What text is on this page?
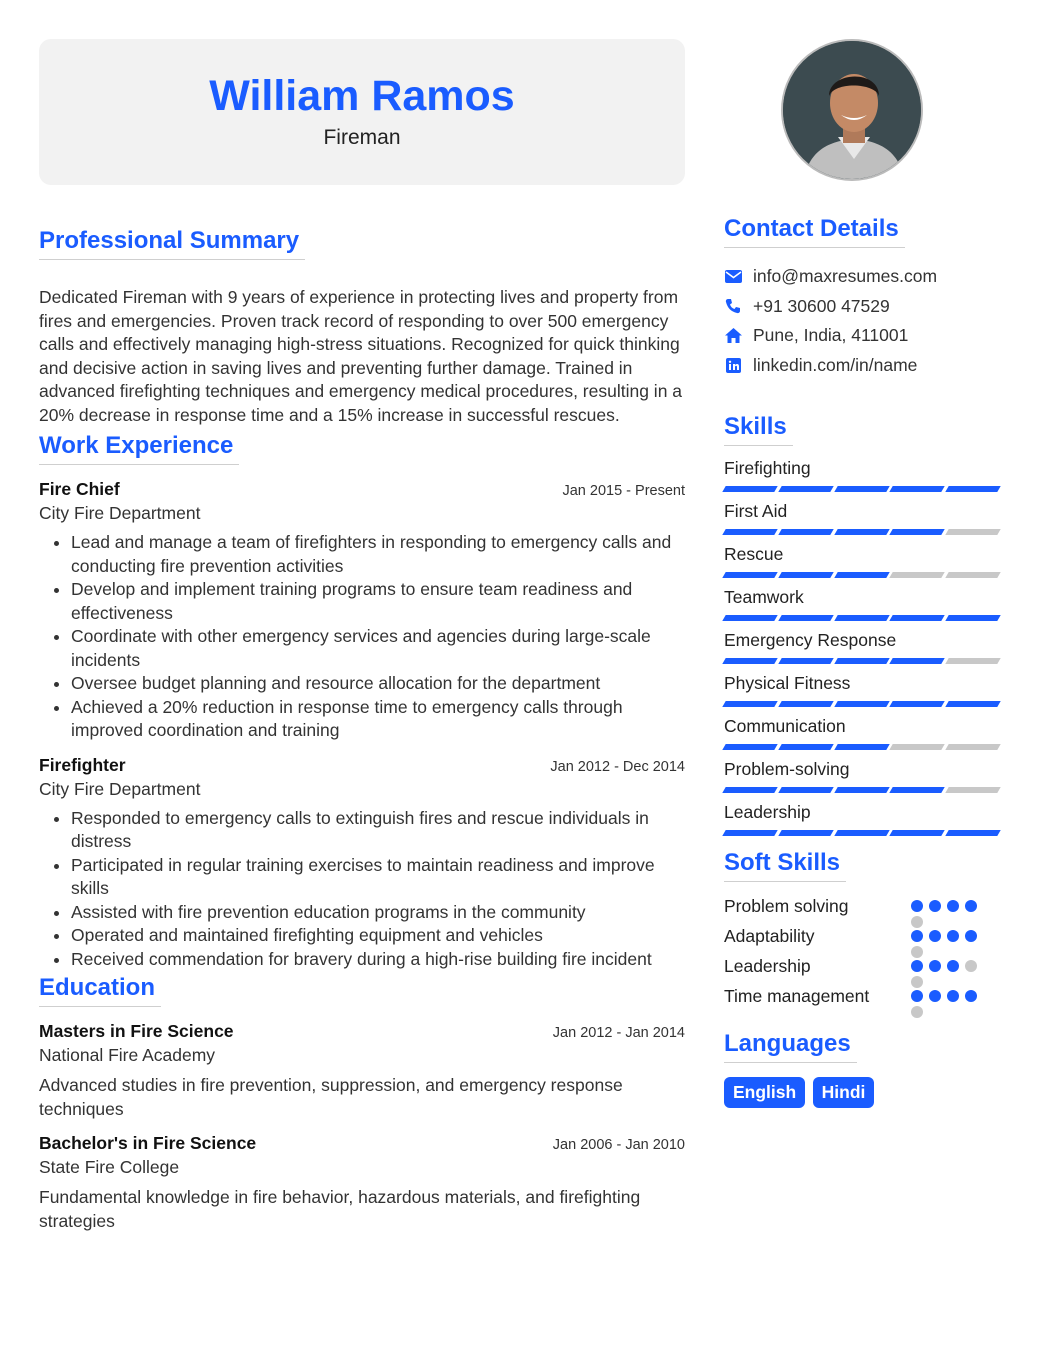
William Ramos
Fireman
Professional Summary

Dedicated Fireman with 9 years of experience in protecting lives and property from fires and emergencies. Proven track record of responding to over 500 emergency calls and effectively managing high-stress situations. Recognized for quick thinking and decisive action in saving lives and preventing further damage. Trained in advanced firefighting techniques and emergency medical procedures, resulting in a 20% decrease in response time and a 15% increase in successful rescues.

Work Experience
Fire Chief	Jan 2015 - Present
City Fire Department
• Lead and manage a team of firefighters in responding to emergency calls and conducting fire prevention activities
• Develop and implement training programs to ensure team readiness and effectiveness
• Coordinate with other emergency services and agencies during large-scale incidents
• Oversee budget planning and resource allocation for the department
• Achieved a 20% reduction in response time to emergency calls through improved coordination and training
Firefighter	Jan 2012 - Dec 2014
City Fire Department
• Responded to emergency calls to extinguish fires and rescue individuals in distress
• Participated in regular training exercises to maintain readiness and improve skills
• Assisted with fire prevention education programs in the community
• Operated and maintained firefighting equipment and vehicles
• Received commendation for bravery during a high-rise building fire incident
Education
Masters in Fire Science	Jan 2012 - Jan 2014
National Fire Academy

Advanced studies in fire prevention, suppression, and emergency response techniques

Bachelor's in Fire Science	Jan 2006 - Jan 2010
State Fire College

Fundamental knowledge in fire behavior, hazardous materials, and firefighting strategies

Contact Details
info@maxresumes.com
+91 30600 47529
Pune, India, 411001
linkedin.com/in/name
Skills
Firefighting
First Aid
Rescue
Teamwork
Emergency Response
Physical Fitness
Communication
Problem-solving
Leadership
Soft Skills
Problem solving
Adaptability
Leadership
Time management
Languages
English Hindi
